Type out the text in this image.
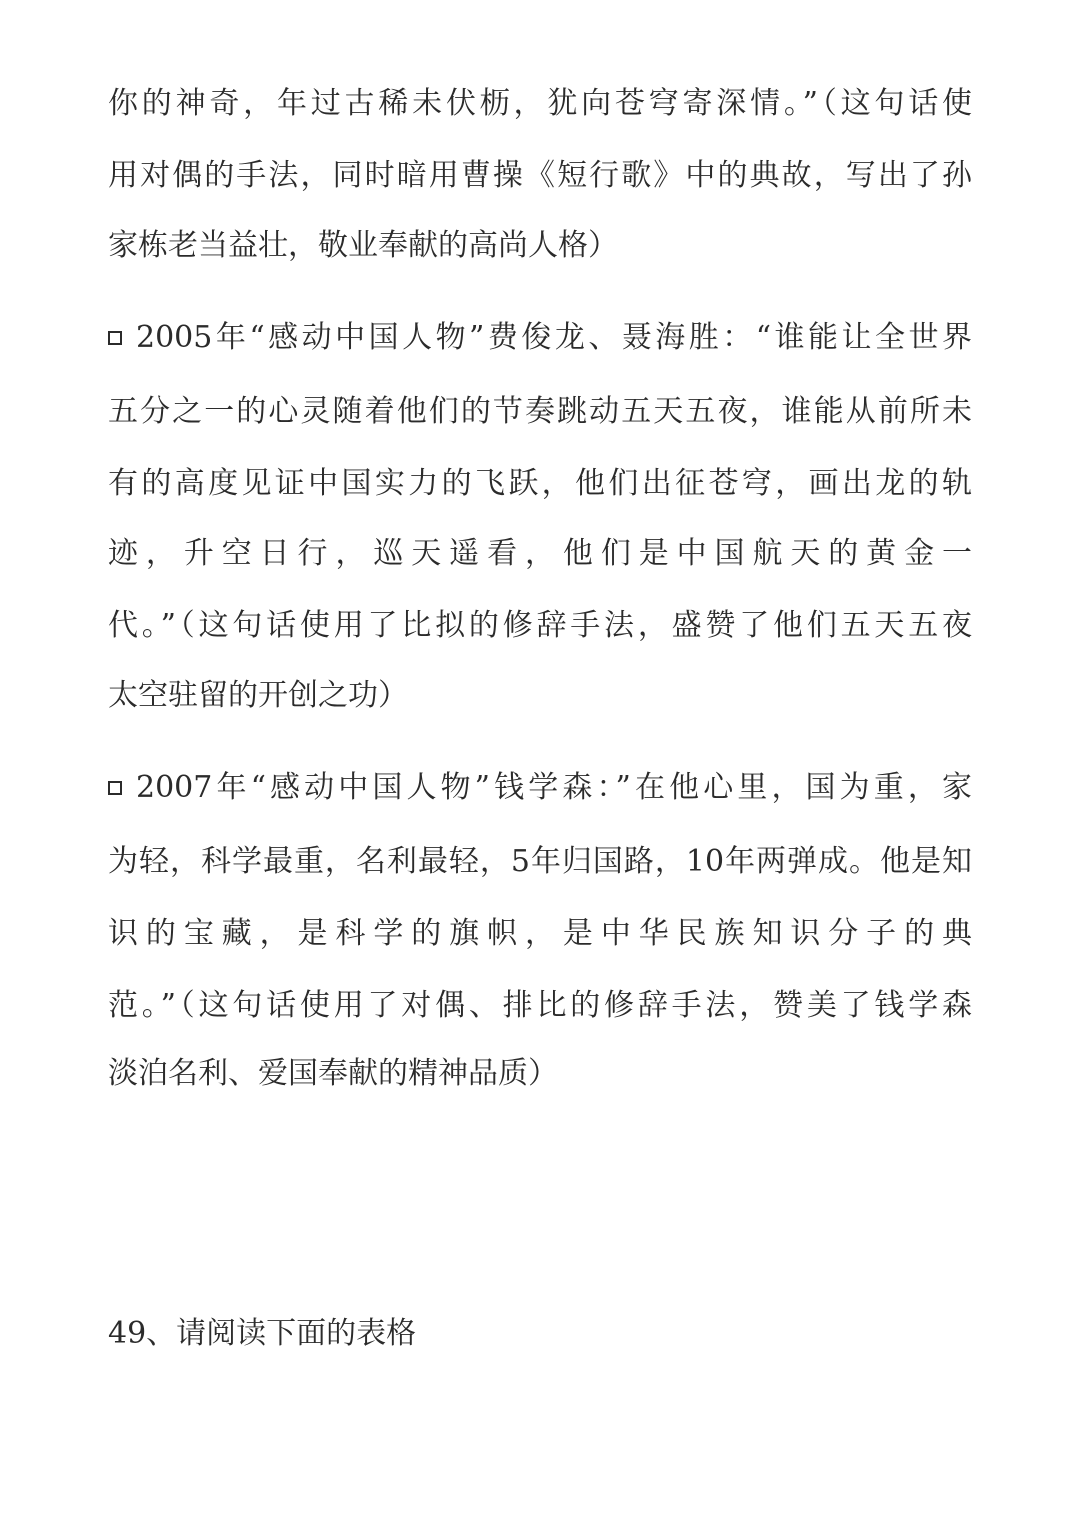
你的神奇，年过古稀未伏枥，犹向苍穹寄深情。”（这句话使
用对偶的手法，同时暗用曹操《短行歌》中的典故，写出了孙
家栋老当益壮，敬业奉献的高尚人格）
2005年“感动中国人物”费俊龙、聂海胜：“谁能让全世界
五分之一的心灵随着他们的节奏跳动五天五夜，谁能从前所未
有的高度见证中国实力的飞跃，他们出征苍穹，画出龙的轨
迹，升空日行，巡天遥看，他们是中国航天的黄金一
代。”（这句话使用了比拟的修辞手法，盛赞了他们五天五夜
太空驻留的开创之功）
2007年“感动中国人物”钱学森：”在他心里，国为重，家
为轻，科学最重，名利最轻，5年归国路，10年两弹成。他是知
识的宝藏，是科学的旗帜，是中华民族知识分子的典
范。”（这句话使用了对偶、排比的修辞手法，赞美了钱学森
淡泊名利、爱国奉献的精神品质）
49、请阅读下面的表格
